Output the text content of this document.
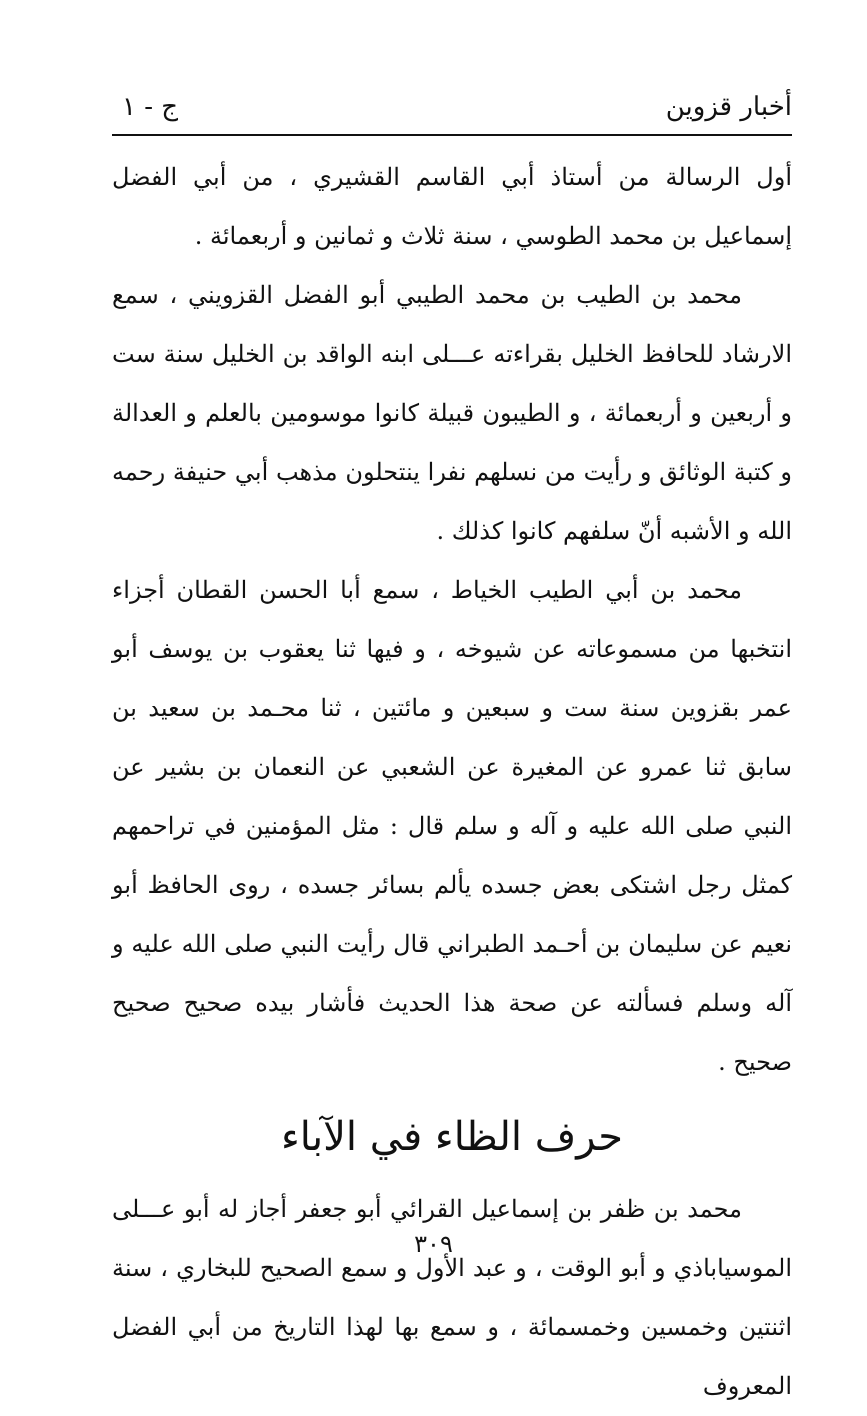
أخبار قزوين
ج - ١

أول الرسالة من أستاذ أبي القاسم القشيري ، من أبي الفضل إسماعيل بن محمد الطوسي ، سنة ثلاث و ثمانين و أربعمائة .

محمد بن الطيب بن محمد الطيبي أبو الفضل القزويني ، سمع الارشاد للحافظ الخليل بقراءته عـــلى ابنه الواقد بن الخليل سنة ست و أربعين و أربعمائة ، و الطيبون قبيلة كانوا موسومين بالعلم و العدالة و كتبة الوثائق و رأيت من نسلهم نفرا ينتحلون مذهب أبي حنيفة رحمه الله و الأشبه أنّ سلفهم كانوا كذلك .

محمد بن أبي الطيب الخياط ، سمع أبا الحسن القطان أجزاء انتخبها من مسموعاته عن شيوخه ، و فيها ثنا يعقوب بن يوسف أبو عمر بقزوين سنة ست و سبعين و مائتين ، ثنا محـمد بن سعيد بن سابق ثنا عمرو عن المغيرة عن الشعبي عن النعمان بن بشير عن النبي صلى الله عليه و آله و سلم قال : مثل المؤمنين في تراحمهم كمثل رجل اشتكى بعض جسده يألم بسائر جسده ، روى الحافظ أبو نعيم عن سليمان بن أحـمد الطبراني قال رأيت النبي صلى الله عليه و آله وسلم فسألته عن صحة هذا الحديث فأشار بيده صحيح صحيح صحيح .

حرف الظاء في الآباء

محمد بن ظفر بن إسماعيل القرائي أبو جعفر أجاز له أبو عـــلى الموسياباذي و أبو الوقت ، و عبد الأول و سمع الصحيح للبخاري ، سنة اثنتين وخمسين وخمسمائة ، و سمع بها لهذا التاريخ من أبي الفضل المعروف

٣٠٩
